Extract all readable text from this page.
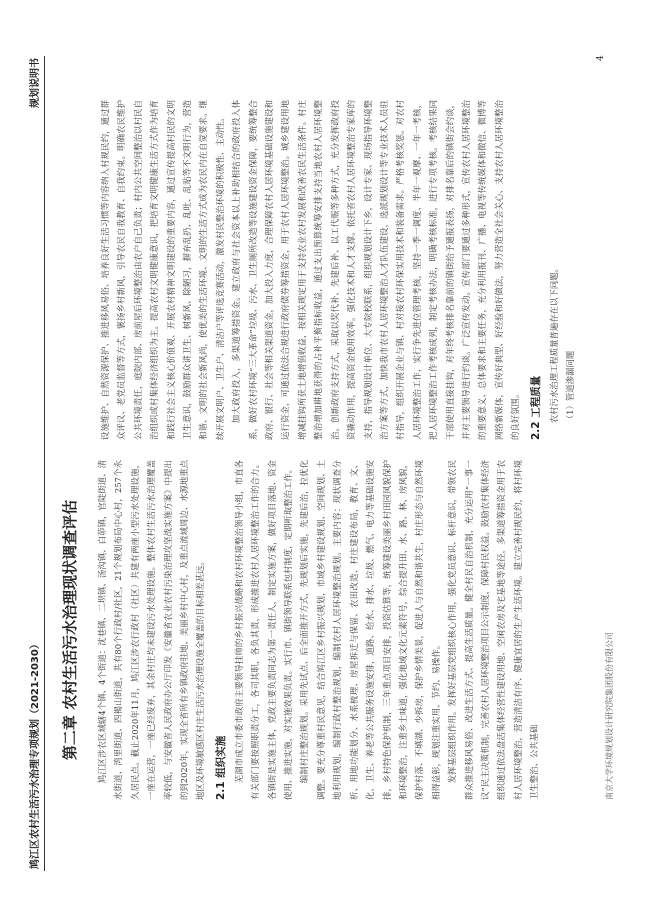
鸠江区农村生活污水治理专项规划（2021-2030）
规划说明书
第二章 农村生活污水治理现状调查评估	鸠江区涉农区域辖4个镇、4个街道：沈巷镇、二坝镇、汤沟镇、白茆镇，官陡街道、清水街道、湾里街道、四褐山街道，共有80个行政村/社区，21个规划布局中心村，257个永久居民点。截止2020年11月，鸠江区涉农行政村（社区）共建有两座小型污水处理设施，一座在运营，一座已经废弃，其余村庄均未建设污水处理设施。整体农村生活污水治理覆盖率较低，与安徽省人民政府办公厅印发《安徽省农业农村污染治理攻坚战实施方案》中提出的到2020年，实现全省所有乡镇政府驻地、美丽乡村中心村，及重点流域周边、水源地重点地区及环境敏感区村庄生活污水治理设施全覆盖的目标相差甚远。 2.1 组织实施 芜湖市成立市委市政府主要领导挂帅的乡村振兴战略和农村环境整治领导小组，市直各有关部门要按照职责分工，各司其职，各负其责，形成推进农村人居环境整治工作的合力。各镇街是实施主体，党政主要负责同志为第一责任人，制定实施方案，做好项目落地、资金使用、推进实施，对实施效果负责。实行市、镇街领导联系包村制度，定期听取整治工作。 编制村庄整治规划。采用先试点、后全面推开方式，先规划后实施，先建后治，拉优化调整。要充分尊重村民意见，结合鸠江区乡村振兴规划，市域乡村建设规划、空间规划、土地利用规划，编制行政村整治规划，编制农村人居环境整治规划。主要内容：现状调查分析、用地功能划分、水系梳理、房屋拆迁与保留、农田改造、村庄建设布局，教育、文、化、卫生、养老等公共服务设施安排，道路、给水、排水、垃圾、燃气、电力等基础设施安排，乡村特色保护机制，三年重点项目安排，投资估算等，统筹建设美丽乡村田园风貌保护和环境整治，注重乡土味道，强化地域文化元素符号，综合提升田、水、路、林、房风貌，保护村落、不填湖、少拆房，保护乡情美景，促进人与自然和谐共生，村庄形态与自然环境相得益彰，规划注重实用、节约、易操作。 发挥基层组织作用。发挥好基层党组织核心作用，强化党员意识、标杆意识，带领农民群众推进移风易俗、改进生活方式、提高生活质量。健全村民自治机制，充分运用“一事一议”民主决策机制，完善农村人居环境整治项目公示制度，保障村民权益。鼓励农村集体经济组织通过依法盘活集体经营性建设用地、空闲农房及宅基地等途径，多渠道筹措资金用于农村人居环境整治，营造清洁有序、健康宜居的生产生活环境。建立完善村规民约，将村环境卫生整治、公共基础

设施维护、自然资源保护、推进移风易俗、培养良好生活习惯等内容纳入村规民约，通过群众评议、老党员监督等方式，褒扬乡村新风，引导农民自我教育、自我约束。明确农民维护公共环境责任，庭院内部、房前屋后环境整治由农户自己负责；村内公共空间整治以村民自治组织或村集体经济组织为主。提高农村文明健康意识，把培育文明健康生活方式作为培育和践行社会主义核心价值观、开展农村精神文明建设的重要内容，通过宣传提高村民的文明卫生意识，鼓励群众讲卫生、树新风、除陋习，摒弃乱扔、乱吐、乱贴等不文明行为，营造和谐、文明的社会新风尚，使优美的生活环境、文明的生活方式成为农民内在自觉要求。继续开展文明户、卫生户、清洁户等评选竞赛活动，激发村民整治环境的积极性、主动性。 加大政府投入，多渠道筹措资金。建立政府与社会资本以上补助相结合的政府投入体系，做好农村环境“三大革命”垃圾、污水、卫生厕所改造等设施建设资金保障，要统筹整合政府、银行、社会等相关渠道资金，加大投入力度，合理保障农村人居环境基础设施建设和运行资金，可通过依法合规进行政府债券筹措资金，用于农村人居环境整治。城乡建设用地增减挂钩所获土地增值收益，按相关规定用于支持农业农村发展和改善农民生活条件。村庄整治增加耕地获得的占补平衡指标收益，通过支出预算统筹安排支持当地农村人居环境整治。创新政府支持方式，采取以奖代补、先建后补、以工代赈等多种方式，充分发挥政府投资撬动作用，提高资金使用效率。强化技术和人才支撑。依托省农村人居环境整治专家库的支持，指导规划设计单位、大专院校联系，组织规划设计下乡，设计专家、现场指导环境整治方案等方式，加快我市农村人居环境整治人才队伍建设，选派规划设计等专业技术人员驻村指导，组织开展企业与镇、村对接农村环保实用技术和装备需求。严格考核奖惩。对农村人居环境整治工作，实行争先进位管理考核，坚持一季一调度、半年一观摩、一年一考核，把人居环境整治工作考核成列，制定考核办法，明确考核标准，进行专项考核。考核结果同干部使用直接挂钩，对年终考核排名靠前的镇街给予通报表扬，对排名靠后的镇街会约谈，并对主要领导进行约谈。广泛宣传发动。宣传部门要通过多种形式，宣传农村人居环境整治的重要意义、总体要求和主要任务，充分利用报刊、广播、电视等传统媒体和微信、微博等网络新媒体，宣传好典型、好经验和好做法，努力营造全社会关心、支持农村人居环境整治的良好氛围。 2.2 工程质量 农村污水治理工程质量普遍存在以下问题。 （1）管道渗漏问题

南京大学环境规划设计研究院集团股份有限公司
4
